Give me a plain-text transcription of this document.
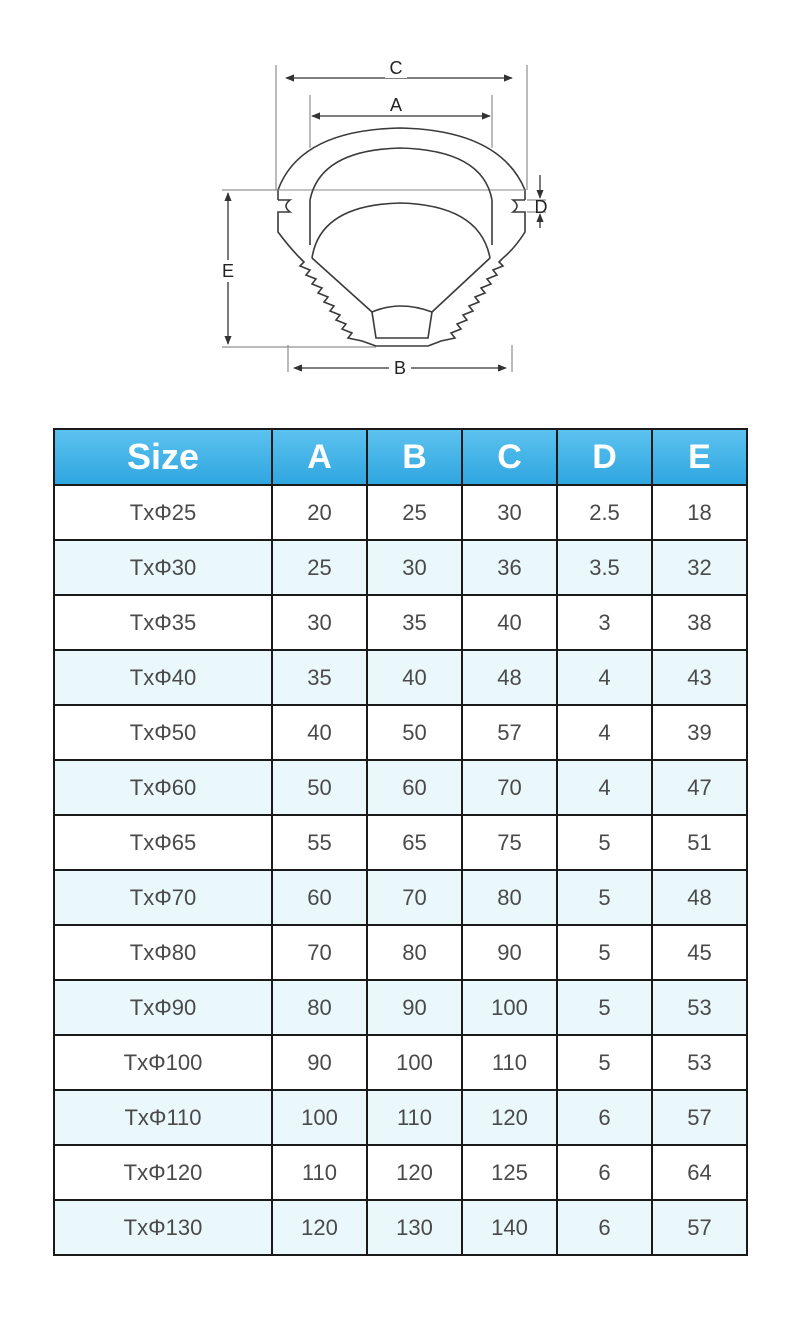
C
A
B
E
D
Size	A	B	C	D	E
TxΦ25	20	25	30	2.5	18
TxΦ30	25	30	36	3.5	32
TxΦ35	30	35	40	3	38
TxΦ40	35	40	48	4	43
TxΦ50	40	50	57	4	39
TxΦ60	50	60	70	4	47
TxΦ65	55	65	75	5	51
TxΦ70	60	70	80	5	48
TxΦ80	70	80	90	5	45
TxΦ90	80	90	100	5	53
TxΦ100	90	100	110	5	53
TxΦ110	100	110	120	6	57
TxΦ120	110	120	125	6	64
TxΦ130	120	130	140	6	57
